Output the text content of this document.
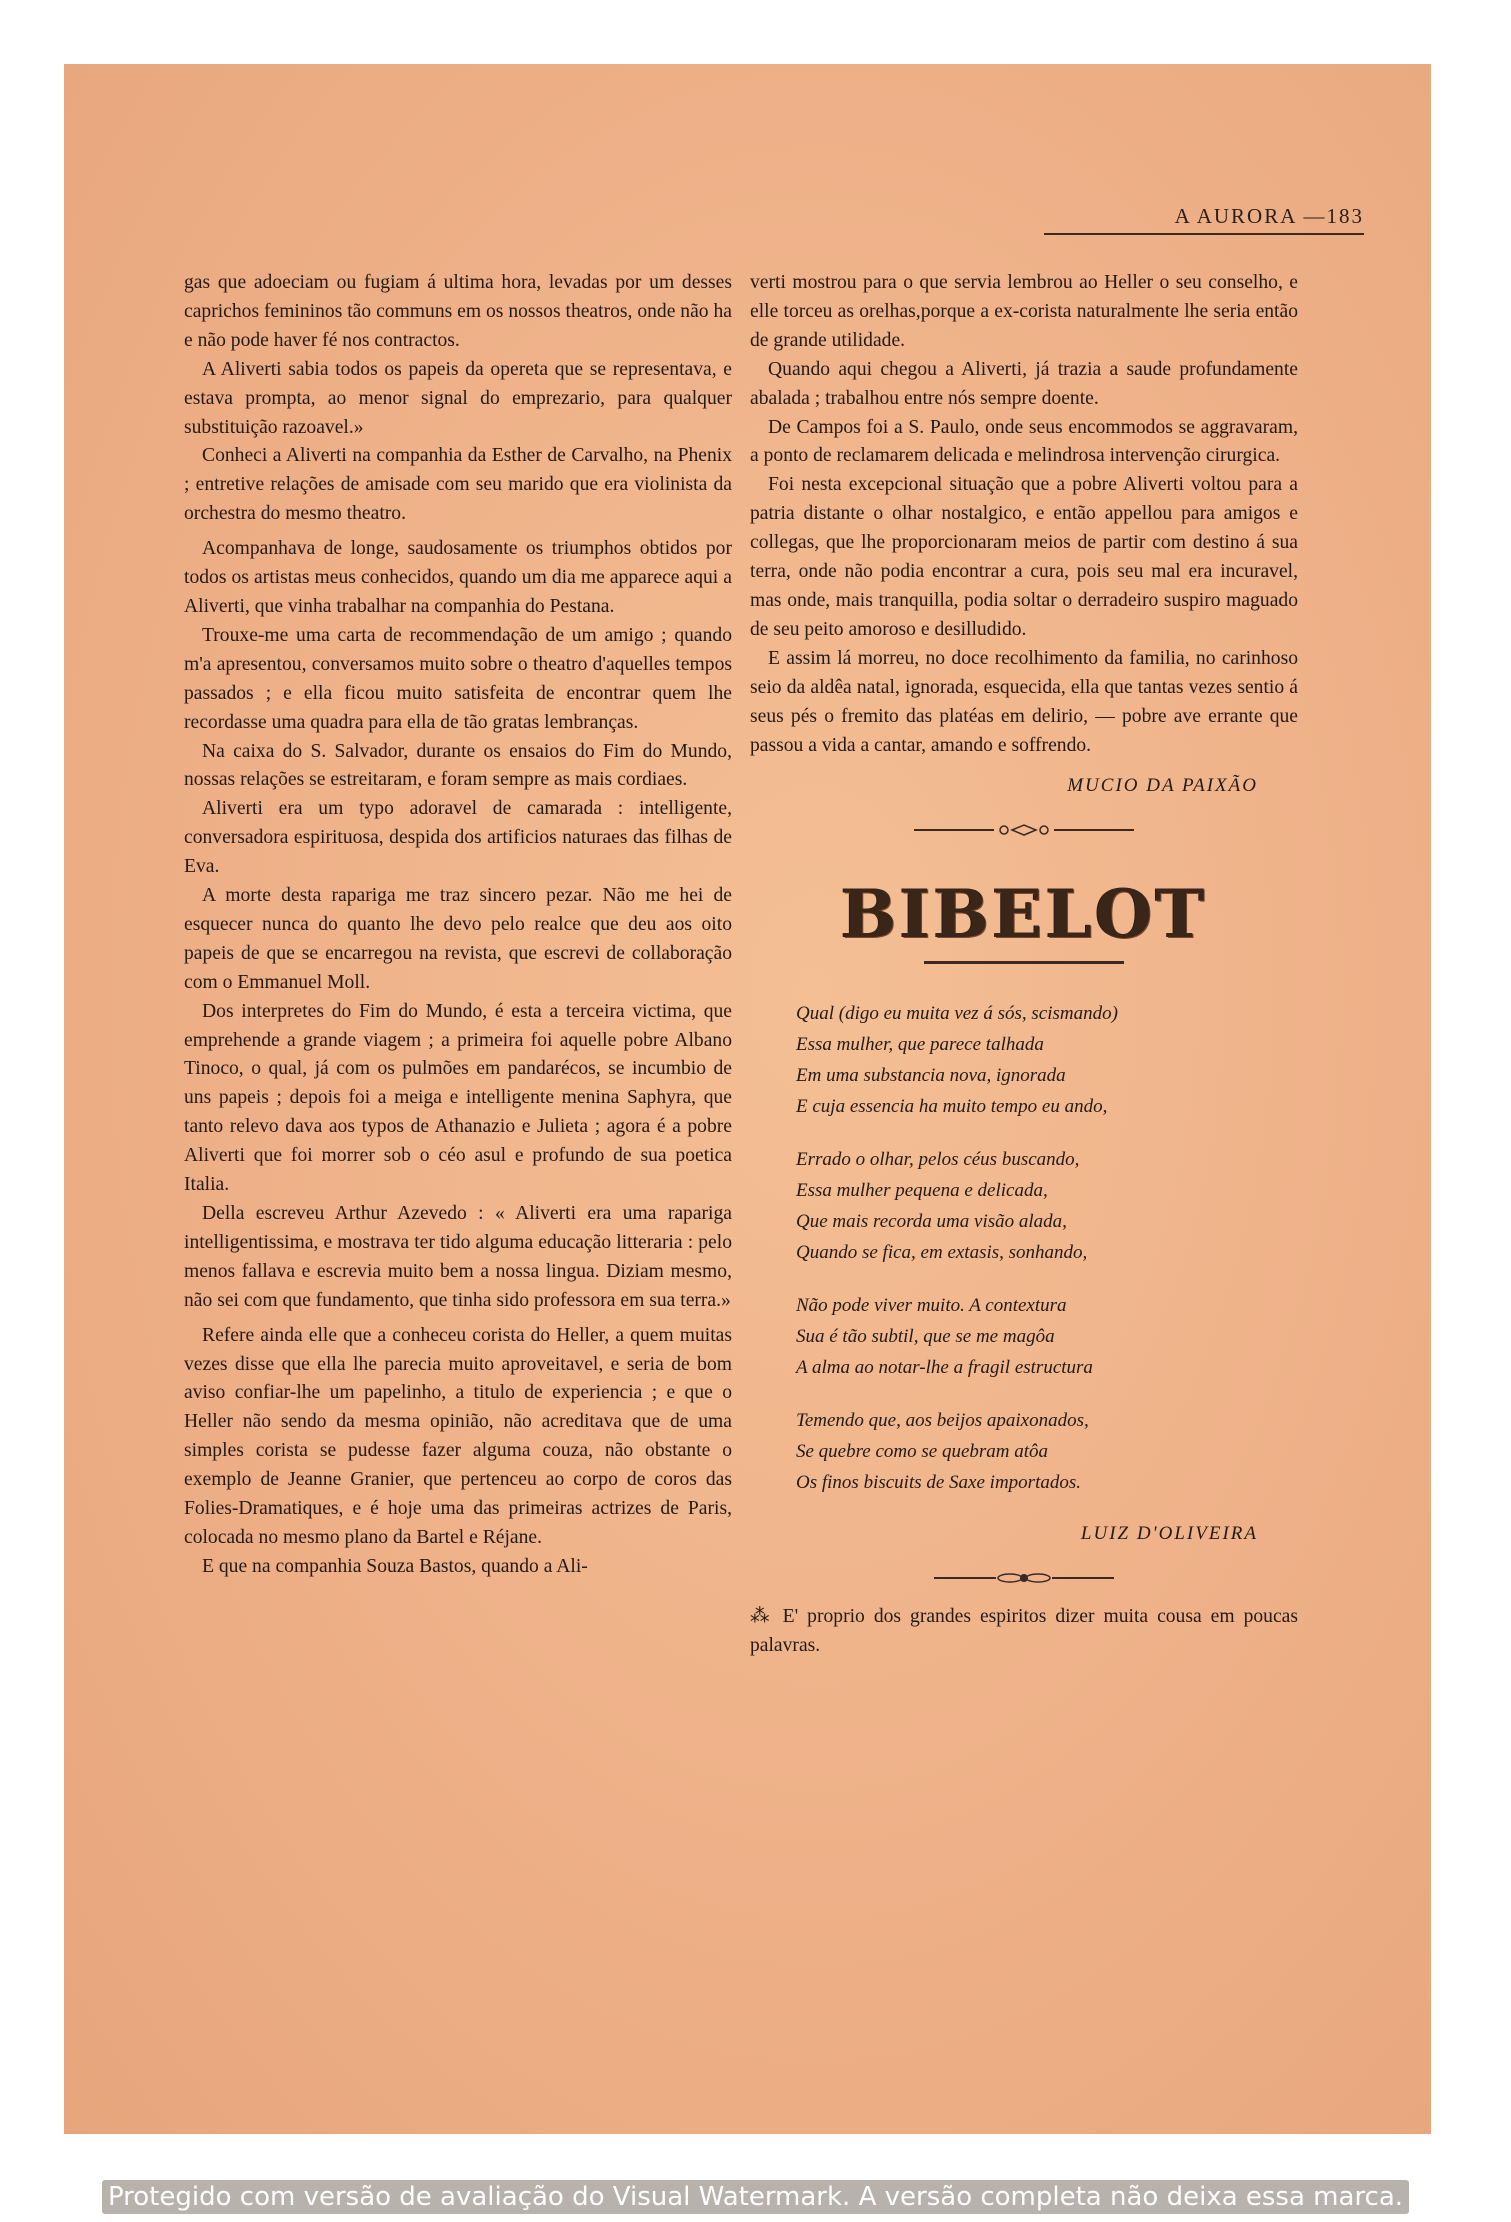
A AURORA —183

gas que adoeciam ou fugiam á ultima hora, levadas por um desses caprichos femininos tão communs em os nossos theatros, onde não ha e não pode haver fé nos contractos.

A Aliverti sabia todos os papeis da opereta que se representava, e estava prompta, ao menor signal do emprezario, para qualquer substituição razoavel.»

Conheci a Aliverti na companhia da Esther de Carvalho, na Phenix ; entretive relações de amisade com seu marido que era violinista da orchestra do mesmo theatro.

Acompanhava de longe, saudosamente os triumphos obtidos por todos os artistas meus conhecidos, quando um dia me apparece aqui a Aliverti, que vinha trabalhar na companhia do Pestana.

Trouxe-me uma carta de recommendação de um amigo ; quando m'a apresentou, conversamos muito sobre o theatro d'aquelles tempos passados ; e ella ficou muito satisfeita de encontrar quem lhe recordasse uma quadra para ella de tão gratas lembranças.

Na caixa do S. Salvador, durante os ensaios do Fim do Mundo, nossas relações se estreitaram, e foram sempre as mais cordiaes.

Aliverti era um typo adoravel de camarada : intelligente, conversadora espirituosa, despida dos artificios naturaes das filhas de Eva.

A morte desta rapariga me traz sincero pezar. Não me hei de esquecer nunca do quanto lhe devo pelo realce que deu aos oito papeis de que se encarregou na revista, que escrevi de collaboração com o Emmanuel Moll.

Dos interpretes do Fim do Mundo, é esta a terceira victima, que emprehende a grande viagem ; a primeira foi aquelle pobre Albano Tinoco, o qual, já com os pulmões em pandarécos, se incumbio de uns papeis ; depois foi a meiga e intelligente menina Saphyra, que tanto relevo dava aos typos de Athanazio e Julieta ; agora é a pobre Aliverti que foi morrer sob o céo asul e profundo de sua poetica Italia.

Della escreveu Arthur Azevedo : « Aliverti era uma rapariga intelligentissima, e mostrava ter tido alguma educação litteraria : pelo menos fallava e escrevia muito bem a nossa lingua. Diziam mesmo, não sei com que fundamento, que tinha sido professora em sua terra.»

Refere ainda elle que a conheceu corista do Heller, a quem muitas vezes disse que ella lhe parecia muito aproveitavel, e seria de bom aviso confiar-lhe um papelinho, a titulo de experiencia ; e que o Heller não sendo da mesma opinião, não acreditava que de uma simples corista se pudesse fazer alguma couza, não obstante o exemplo de Jeanne Granier, que pertenceu ao corpo de coros das Folies-Dramatiques, e é hoje uma das primeiras actrizes de Paris, colocada no mesmo plano da Bartel e Réjane.

E que na companhia Souza Bastos, quando a Ali-

verti mostrou para o que servia lembrou ao Heller o seu conselho, e elle torceu as orelhas,porque a ex-corista naturalmente lhe seria então de grande utilidade.

Quando aqui chegou a Aliverti, já trazia a saude profundamente abalada ; trabalhou entre nós sempre doente.

De Campos foi a S. Paulo, onde seus encommodos se aggravaram, a ponto de reclamarem delicada e melindrosa intervenção cirurgica.

Foi nesta excepcional situação que a pobre Aliverti voltou para a patria distante o olhar nostalgico, e então appellou para amigos e collegas, que lhe proporcionaram meios de partir com destino á sua terra, onde não podia encontrar a cura, pois seu mal era incuravel, mas onde, mais tranquilla, podia soltar o derradeiro suspiro maguado de seu peito amoroso e desilludido.

E assim lá morreu, no doce recolhimento da familia, no carinhoso seio da aldêa natal, ignorada, esquecida, ella que tantas vezes sentio á seus pés o fremito das platéas em delirio, — pobre ave errante que passou a vida a cantar, amando e soffrendo.

MUCIO DA PAIXÃO
BIBELOT
Qual (digo eu muita vez á sós, scismando)
Essa mulher, que parece talhada
Em uma substancia nova, ignorada
E cuja essencia ha muito tempo eu ando,
Errado o olhar, pelos céus buscando,
Essa mulher pequena e delicada,
Que mais recorda uma visão alada,
Quando se fica, em extasis, sonhando,
Não pode viver muito. A contextura
Sua é tão subtil, que se me magôa
A alma ao notar-lhe a fragil estructura
Temendo que, aos beijos apaixonados,
Se quebre como se quebram atôa
Os finos biscuits de Saxe importados.
LUIZ D'OLIVEIRA

⁂ E' proprio dos grandes espiritos dizer muita cousa em poucas palavras.

Protegido com versão de avaliação do Visual Watermark. A versão completa não deixa essa marca.
